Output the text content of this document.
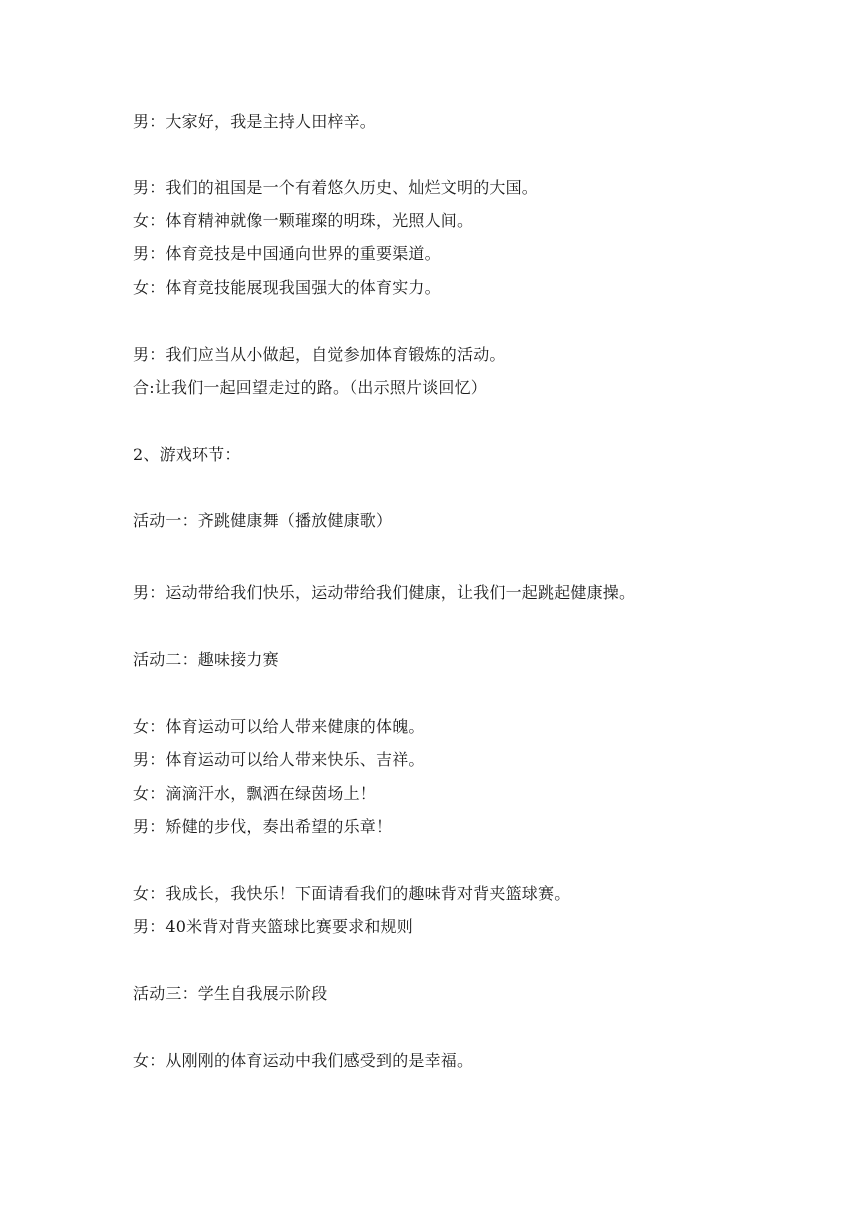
男：大家好，我是主持人田梓辛。
男：我们的祖国是一个有着悠久历史、灿烂文明的大国。
女：体育精神就像一颗璀璨的明珠，光照人间。
男：体育竞技是中国通向世界的重要渠道。
女：体育竞技能展现我国强大的体育实力。
男：我们应当从小做起，自觉参加体育锻炼的活动。
合:让我们一起回望走过的路。（出示照片谈回忆）
2、游戏环节：
活动一：齐跳健康舞（播放健康歌）
男：运动带给我们快乐，运动带给我们健康，让我们一起跳起健康操。
活动二：趣味接力赛
女：体育运动可以给人带来健康的体魄。
男：体育运动可以给人带来快乐、吉祥。
女：滴滴汗水，飘洒在绿茵场上！
男：矫健的步伐，奏出希望的乐章！
女：我成长，我快乐！下面请看我们的趣味背对背夹篮球赛。
男：40米背对背夹篮球比赛要求和规则
活动三：学生自我展示阶段
女：从刚刚的体育运动中我们感受到的是幸福。
